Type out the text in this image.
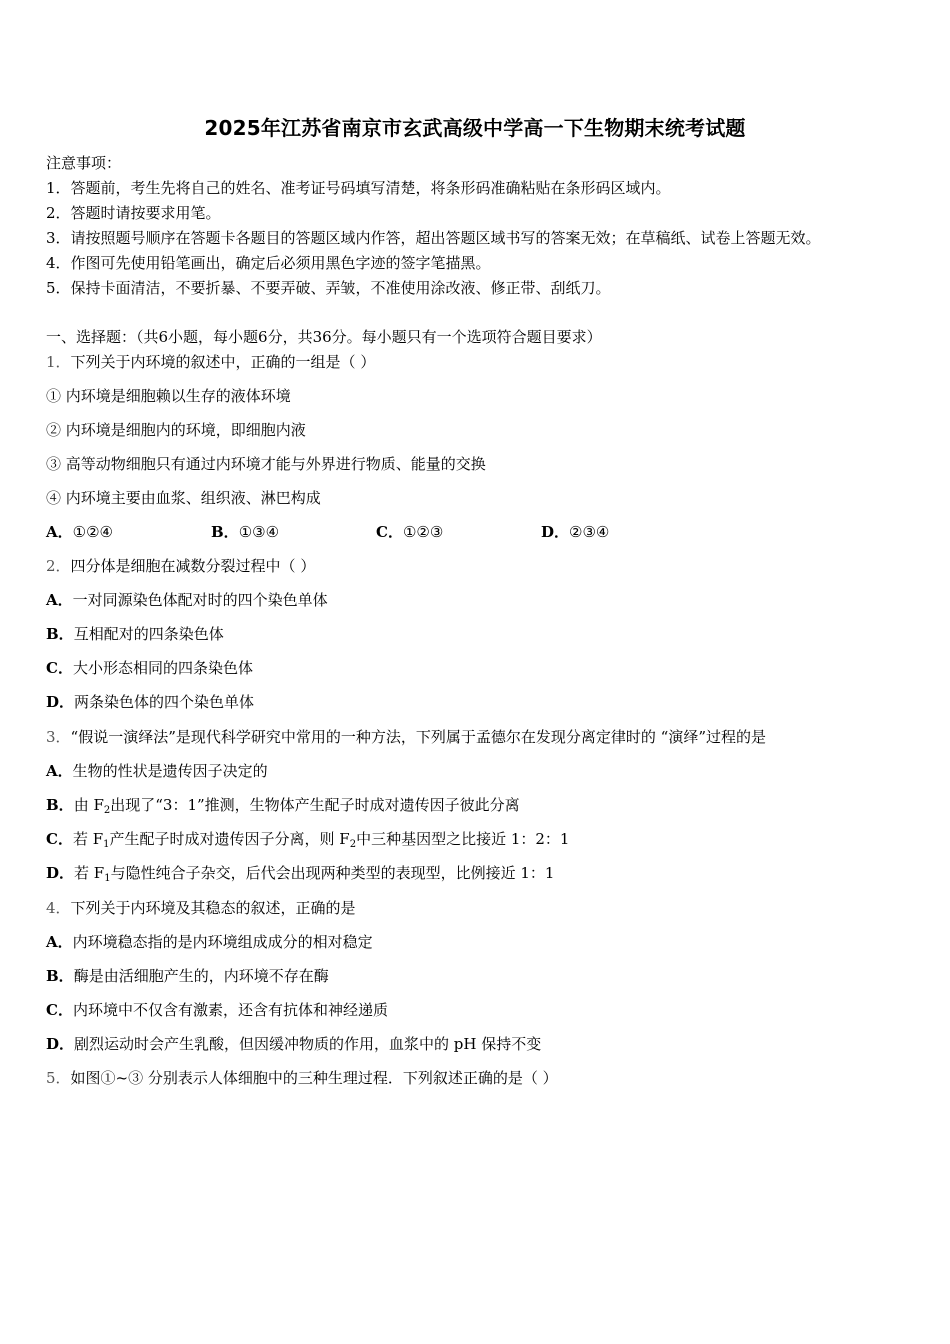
2025年江苏省南京市玄武高级中学高一下生物期末统考试题
注意事项：
1．答题前，考生先将自己的姓名、准考证号码填写清楚，将条形码准确粘贴在条形码区域内。
2．答题时请按要求用笔。
3．请按照题号顺序在答题卡各题目的答题区域内作答，超出答题区域书写的答案无效；在草稿纸、试卷上答题无效。
4．作图可先使用铅笔画出，确定后必须用黑色字迹的签字笔描黑。
5．保持卡面清洁，不要折暴、不要弄破、弄皱，不准使用涂改液、修正带、刮纸刀。
一、选择题：（共6小题，每小题6分，共36分。每小题只有一个选项符合题目要求）
1．下列关于内环境的叙述中，正确的一组是（ ）
① 内环境是细胞赖以生存的液体环境
② 内环境是细胞内的环境，即细胞内液
③ 高等动物细胞只有通过内环境才能与外界进行物质、能量的交换
④ 内环境主要由血浆、组织液、淋巴构成
A．①②④	B．①③④	C．①②③	D．②③④
2．四分体是细胞在减数分裂过程中（ ）
A．一对同源染色体配对时的四个染色单体
B．互相配对的四条染色体
C．大小形态相同的四条染色体
D．两条染色体的四个染色单体
3．“假说一演绎法”是现代科学研究中常用的一种方法，下列属于孟德尔在发现分离定律时的 “演绎”过程的是
A．生物的性状是遗传因子决定的
B．由 $F_2$出现了“3：1”推测，生物体产生配子时成对遗传因子彼此分离
C．若 $F_1$产生配子时成对遗传因子分离，则 $F_2$中三种基因型之比接近 1：2：1
D．若 $F_1$与隐性纯合子杂交，后代会出现两种类型的表现型，比例接近 1：1
4．下列关于内环境及其稳态的叙述，正确的是
A．内环境稳态指的是内环境组成成分的相对稳定
B．酶是由活细胞产生的，内环境不存在酶
C．内环境中不仅含有激素，还含有抗体和神经递质
D．剧烈运动时会产生乳酸，但因缓冲物质的作用，血浆中的 pH 保持不变
5．如图①~③ 分别表示人体细胞中的三种生理过程．下列叙述正确的是（ ）
